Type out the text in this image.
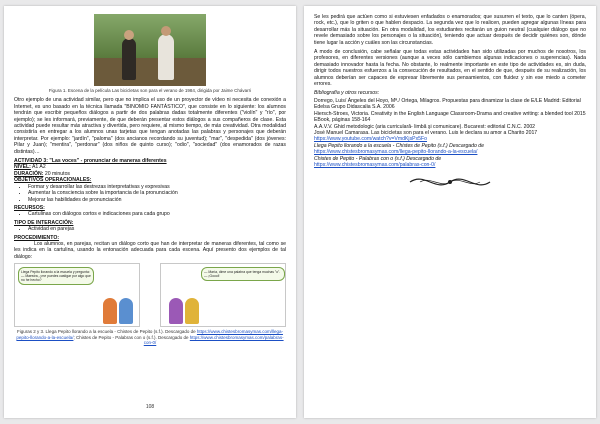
Figura 1. Escena de la película Las bicicletas son para el verano de 1984, dirigida por Jaime Chávarri

Otro ejemplo de una actividad similar, pero que no implica el uso de un proyector de vídeo ni necesita de conexión a Internet, es uno basado en la técnica llamada "BINOMIO FANTÁSTICO", que consiste en lo siguiente: los alumnos tendrán que escribir pequeños diálogos a partir de dos palabras dadas totalmente diferentes ("violín" y "río", por ejemplo); se les informará, previamente, de que deberán presentar estos diálogos a sus compañeros de clase. Esta actividad puede resultar más atractiva y divertida, pero requiere, al mismo tiempo, de más creatividad. Otra modalidad consistiría en entregar a los alumnos unas tarjetas que tengan anotadas las palabras y personajes que deberán interpretar. Por ejemplo: "jardín", "paloma" (dos ancianos recordando su juventud); "mar", "despedida" (dos jóvenes: Pilar y Juan); "mentira", "perdonar" (dos niños de quinto curso); "odio", "sociedad" (dos enamorados de razas distintas)…

ACTIVIDAD 3: "Las voces" - pronunciar de maneras diferentes
NIVEL: A1 A2
DURACIÓN: 20 minutos
OBJETIVOS OPERACIONALES:
• Formar y desarrollar las destrezas interpretativas y expresivas
• Aumentar la consciencia sobre la importancia de la pronunciación
• Mejorar las habilidades de pronunciación
RECURSOS:
• Cartulinas con diálogos cortos e indicaciones para cada grupo
TIPO DE INTERACCIÓN:
• Actividad en parejas
PROCEDIMIENTO:

Los alumnos, en parejas, recitan un diálogo corto que han de interpretar de maneras diferentes, tal como se les indica en la cartulina, usando la entonación adecuada para cada escena. Aquí presento dos ejemplos de tal diálogo:

Llega Pepito llorando a la escuela y pregunta: — Maestra, ¿me puedes castigar por algo que no he hecho?
— María, dime una palabra que tenga muchas "o". — ¡Goool!
Figuras 2 y 3. Llega Pepito llorando a la escuela - Chistes de Pepito (s.f.). Descargado de https://www.chistesbromasymas.com/llega-pepito-llorando-a-la-escuela/; Chistes de Pepito - Palabras con o (s.f.). Descargado de https://www.chistesbromasymas.com/palabras-con-0/
108

Se les pedirá que actúen como si estuviesen enfadados o enamorados; que susurren el texto, que lo canten (ópera, rock, etc.), que lo griten o que hablen despacio. La segunda vez que lo realicen, pueden agregar algunas líneas para desarrollar más la situación. En otra modalidad, los estudiantes recitarán un guion neutral (cualquier diálogo que no revele demasiado sobre los personajes o la situación), teniendo que actuar después de decidir quiénes son, dónde tiene lugar la acción y cuáles son las circunstancias.

A modo de conclusión, cabe señalar que todas estas actividades han sido utilizadas por muchos de nosotros, los profesores, en diferentes versiones (aunque a veces sólo cambiemos algunas indicaciones o sugerencias). Nada demasiado innovador hasta la fecha. No obstante, lo realmente importante en este tipo de actividades es, sin duda, dirigir todos nuestros esfuerzos a la consecución de resultados, en el sentido de que, después de su realización, los alumnos deberían ser capaces de expresar libremente sus pensamientos, con fluidez y sin ese miedo a cometer errores.

Bibliografía y otros recursos:

Dorrego, Luis/ Ángeles del Hoyo, Mª./ Ortega, Milagros. Propuestas para dinamizar la clase de E/LE Madrid: Editorial Edelsa Grupo Didascalia S.A. 2006

Hiersch-Stroes, Victoria. Creativity in the English Language Classroom-Drama and creative writing: a blended tool 2015 EBook, páginas 158-164

A.A.V.V. Ghid metodologic (aria curriculară- limbă şi comunicare). Bucarest: editorial C.N.C. 2002

José Manuel Camarasa. Las bicicletas son para el verano. Luis le declara su amor a Charito 2017

https://www.youtube.com/watch?v=VmdKjsPx5Fo

Llega Pepito llorando a la escuela - Chistes de Pepito (s.f.) Descargado de

https://www.chistesbromasymas.com/llega-pepito-llorando-a-la-escuela/

Chistes de Pepito - Palabras con o (s.f.) Descargado de

https://www.chistesbromasymas.com/palabras-con-0/
